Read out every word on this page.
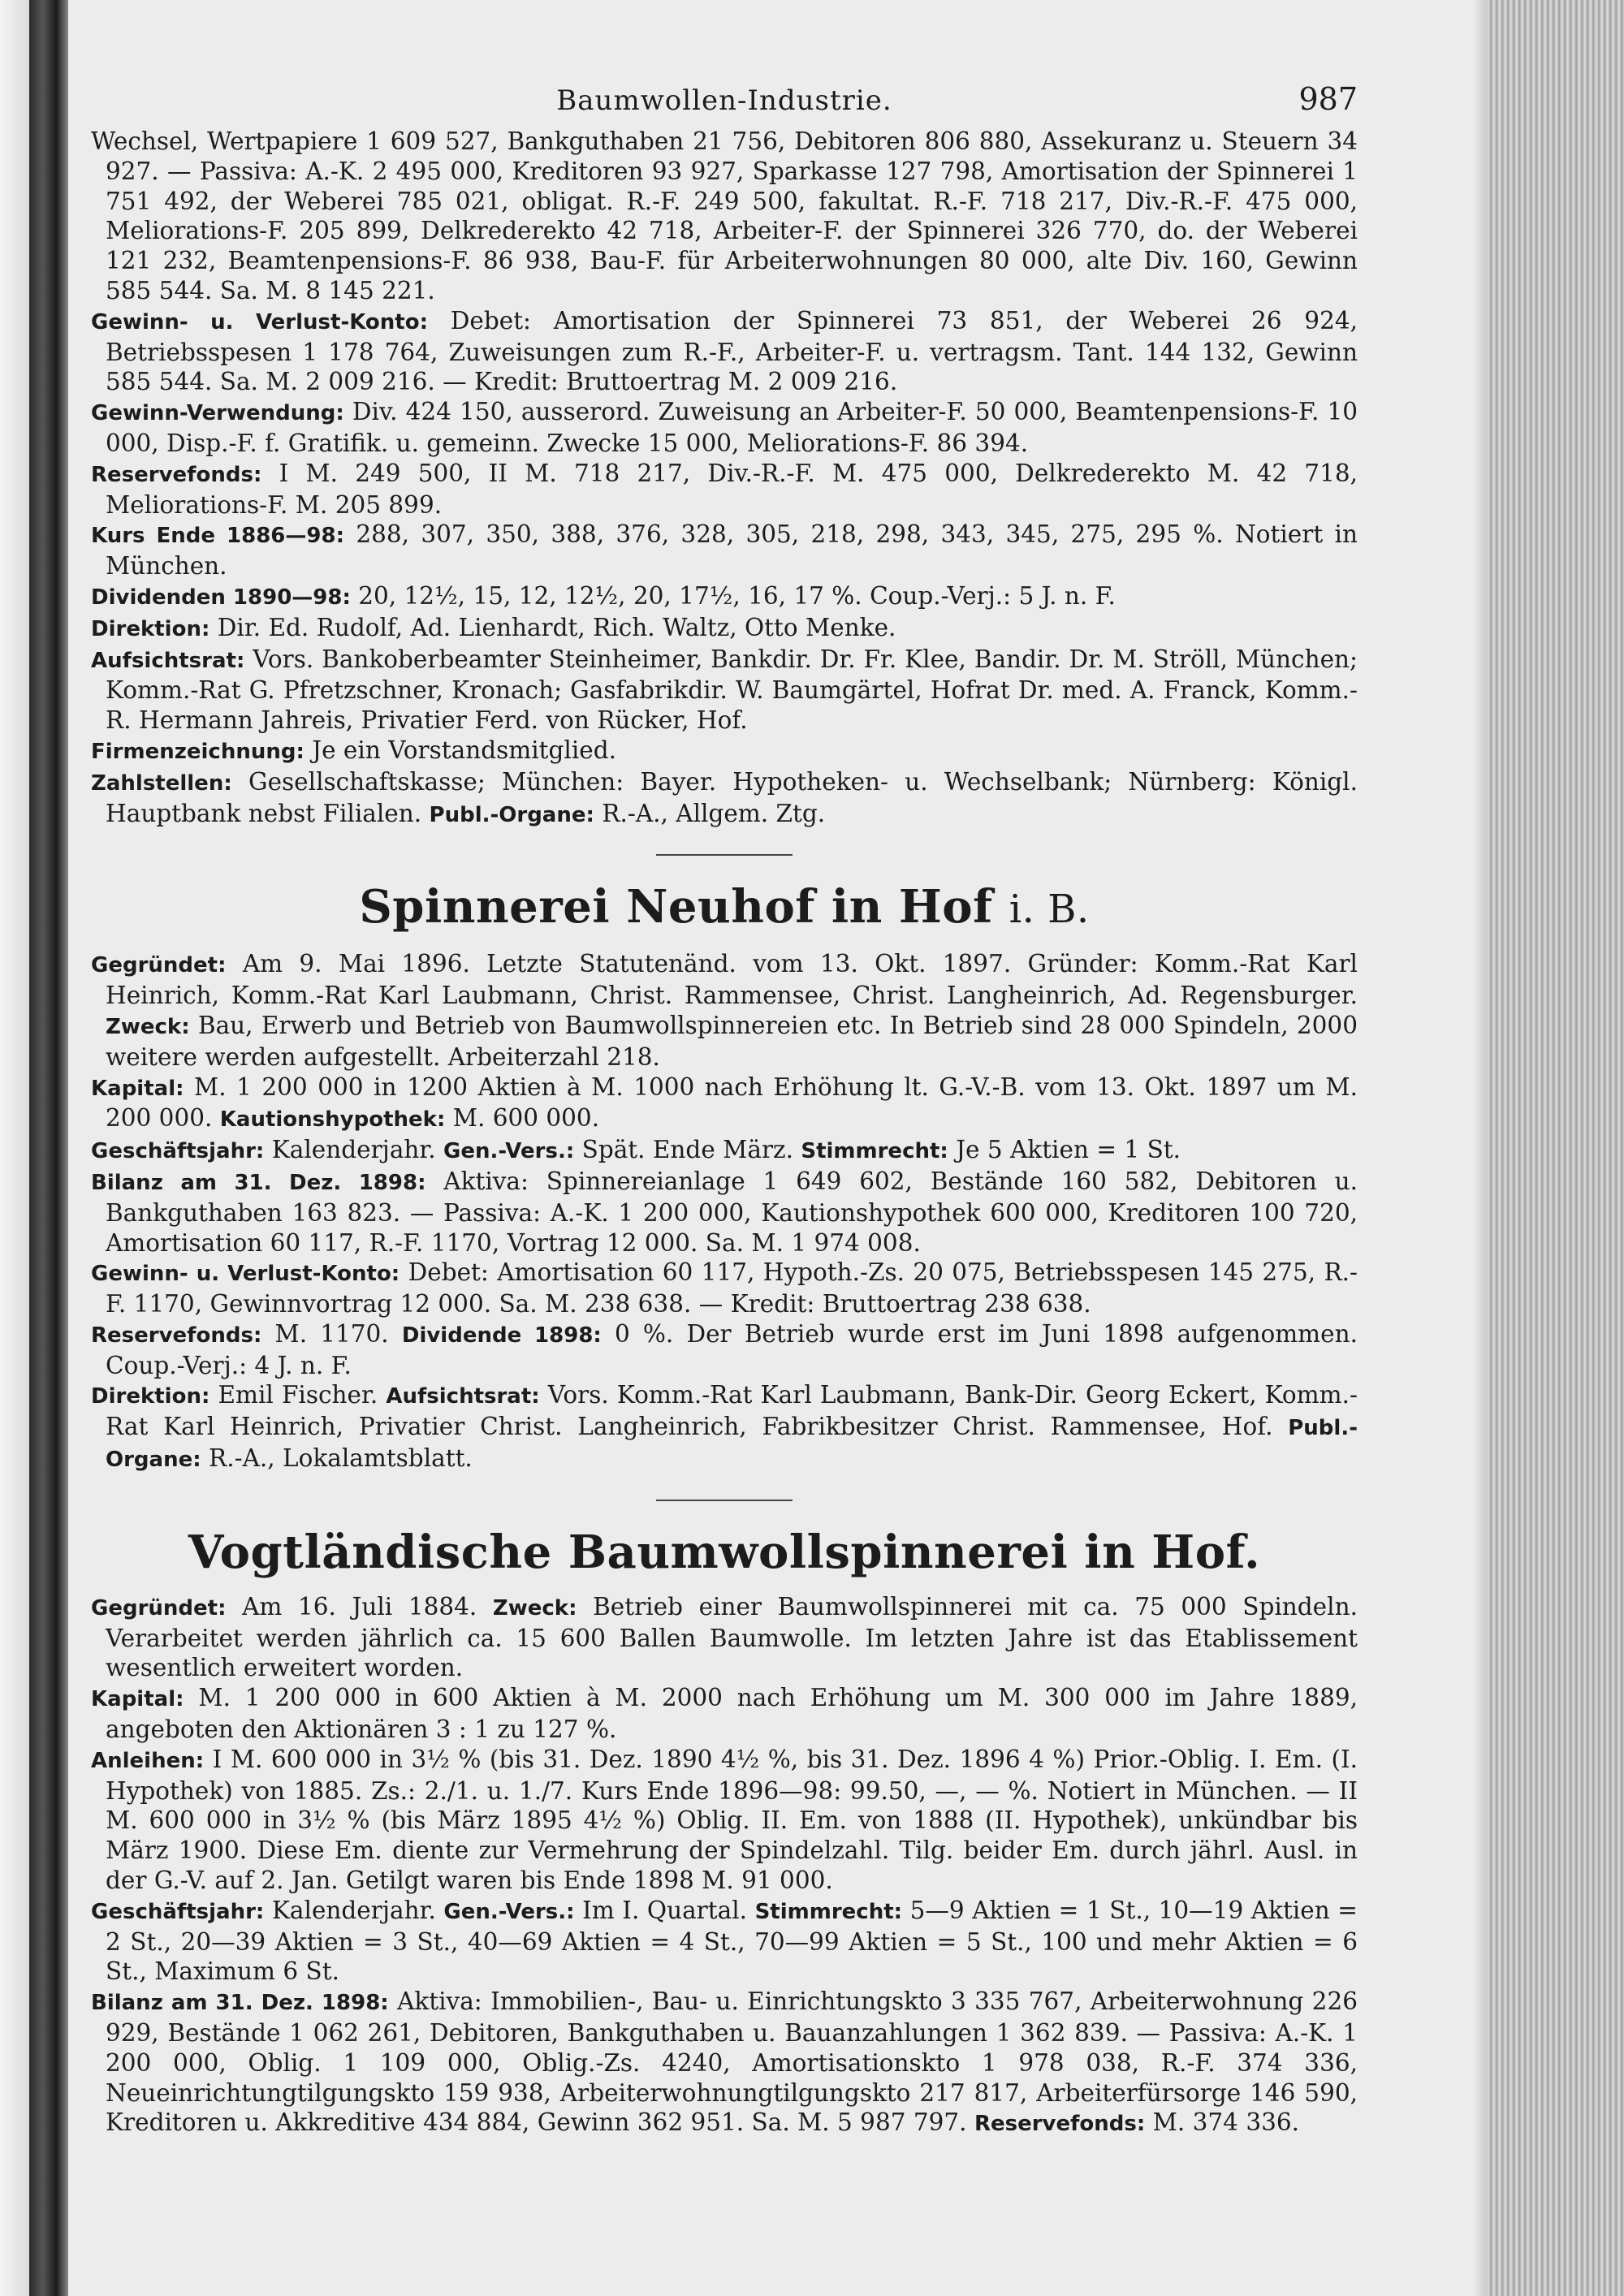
Baumwollen-Industrie.	987

Wechsel, Wertpapiere 1 609 527, Bankguthaben 21 756, Debitoren 806 880, Assekuranz u. Steuern 34 927. — Passiva: A.-K. 2 495 000, Kreditoren 93 927, Sparkasse 127 798, Amortisation der Spinnerei 1 751 492, der Weberei 785 021, obligat. R.-F. 249 500, fakultat. R.-F. 718 217, Div.-R.-F. 475 000, Meliorations-F. 205 899, Delkrederekto 42 718, Arbeiter-F. der Spinnerei 326 770, do. der Weberei 121 232, Beamtenpensions-F. 86 938, Bau-F. für Arbeiterwohnungen 80 000, alte Div. 160, Gewinn 585 544. Sa. M. 8 145 221.

Gewinn- u. Verlust-Konto: Debet: Amortisation der Spinnerei 73 851, der Weberei 26 924, Betriebsspesen 1 178 764, Zuweisungen zum R.-F., Arbeiter-F. u. vertragsm. Tant. 144 132, Gewinn 585 544. Sa. M. 2 009 216. — Kredit: Bruttoertrag M. 2 009 216.

Gewinn-Verwendung: Div. 424 150, ausserord. Zuweisung an Arbeiter-F. 50 000, Beamtenpensions-F. 10 000, Disp.-F. f. Gratifik. u. gemeinn. Zwecke 15 000, Meliorations-F. 86 394.

Reservefonds: I M. 249 500, II M. 718 217, Div.-R.-F. M. 475 000, Delkrederekto M. 42 718, Meliorations-F. M. 205 899.

Kurs Ende 1886—98: 288, 307, 350, 388, 376, 328, 305, 218, 298, 343, 345, 275, 295 %. Notiert in München.

Dividenden 1890—98: 20, 12½, 15, 12, 12½, 20, 17½, 16, 17 %. Coup.-Verj.: 5 J. n. F.

Direktion: Dir. Ed. Rudolf, Ad. Lienhardt, Rich. Waltz, Otto Menke.

Aufsichtsrat: Vors. Bankoberbeamter Steinheimer, Bankdir. Dr. Fr. Klee, Bandir. Dr. M. Ströll, München; Komm.-Rat G. Pfretzschner, Kronach; Gasfabrikdir. W. Baumgärtel, Hofrat Dr. med. A. Franck, Komm.-R. Hermann Jahreis, Privatier Ferd. von Rücker, Hof.

Firmenzeichnung: Je ein Vorstandsmitglied.

Zahlstellen: Gesellschaftskasse; München: Bayer. Hypotheken- u. Wechselbank; Nürnberg: Königl. Hauptbank nebst Filialen. Publ.-Organe: R.-A., Allgem. Ztg.

Spinnerei Neuhof in Hof i. B.

Gegründet: Am 9. Mai 1896. Letzte Statutenänd. vom 13. Okt. 1897. Gründer: Komm.-Rat Karl Heinrich, Komm.-Rat Karl Laubmann, Christ. Rammensee, Christ. Langheinrich, Ad. Regensburger. Zweck: Bau, Erwerb und Betrieb von Baumwollspinnereien etc. In Betrieb sind 28 000 Spindeln, 2000 weitere werden aufgestellt. Arbeiterzahl 218.

Kapital: M. 1 200 000 in 1200 Aktien à M. 1000 nach Erhöhung lt. G.-V.-B. vom 13. Okt. 1897 um M. 200 000. Kautionshypothek: M. 600 000.

Geschäftsjahr: Kalenderjahr. Gen.-Vers.: Spät. Ende März. Stimmrecht: Je 5 Aktien = 1 St.

Bilanz am 31. Dez. 1898: Aktiva: Spinnereianlage 1 649 602, Bestände 160 582, Debitoren u. Bankguthaben 163 823. — Passiva: A.-K. 1 200 000, Kautionshypothek 600 000, Kreditoren 100 720, Amortisation 60 117, R.-F. 1170, Vortrag 12 000. Sa. M. 1 974 008.

Gewinn- u. Verlust-Konto: Debet: Amortisation 60 117, Hypoth.-Zs. 20 075, Betriebsspesen 145 275, R.-F. 1170, Gewinnvortrag 12 000. Sa. M. 238 638. — Kredit: Bruttoertrag 238 638.

Reservefonds: M. 1170. Dividende 1898: 0 %. Der Betrieb wurde erst im Juni 1898 aufgenommen. Coup.-Verj.: 4 J. n. F.

Direktion: Emil Fischer. Aufsichtsrat: Vors. Komm.-Rat Karl Laubmann, Bank-Dir. Georg Eckert, Komm.-Rat Karl Heinrich, Privatier Christ. Langheinrich, Fabrikbesitzer Christ. Rammensee, Hof. Publ.-Organe: R.-A., Lokalamtsblatt.

Vogtländische Baumwollspinnerei in Hof.

Gegründet: Am 16. Juli 1884. Zweck: Betrieb einer Baumwollspinnerei mit ca. 75 000 Spindeln. Verarbeitet werden jährlich ca. 15 600 Ballen Baumwolle. Im letzten Jahre ist das Etablissement wesentlich erweitert worden.

Kapital: M. 1 200 000 in 600 Aktien à M. 2000 nach Erhöhung um M. 300 000 im Jahre 1889, angeboten den Aktionären 3 : 1 zu 127 %.

Anleihen: I M. 600 000 in 3½ % (bis 31. Dez. 1890 4½ %, bis 31. Dez. 1896 4 %) Prior.-Oblig. I. Em. (I. Hypothek) von 1885. Zs.: 2./1. u. 1./7. Kurs Ende 1896—98: 99.50, —, — %. Notiert in München. — II M. 600 000 in 3½ % (bis März 1895 4½ %) Oblig. II. Em. von 1888 (II. Hypothek), unkündbar bis März 1900. Diese Em. diente zur Vermehrung der Spindelzahl. Tilg. beider Em. durch jährl. Ausl. in der G.-V. auf 2. Jan. Getilgt waren bis Ende 1898 M. 91 000.

Geschäftsjahr: Kalenderjahr. Gen.-Vers.: Im I. Quartal. Stimmrecht: 5—9 Aktien = 1 St., 10—19 Aktien = 2 St., 20—39 Aktien = 3 St., 40—69 Aktien = 4 St., 70—99 Aktien = 5 St., 100 und mehr Aktien = 6 St., Maximum 6 St.

Bilanz am 31. Dez. 1898: Aktiva: Immobilien-, Bau- u. Einrichtungskto 3 335 767, Arbeiterwohnung 226 929, Bestände 1 062 261, Debitoren, Bankguthaben u. Bauanzahlungen 1 362 839. — Passiva: A.-K. 1 200 000, Oblig. 1 109 000, Oblig.-Zs. 4240, Amortisationskto 1 978 038, R.-F. 374 336, Neueinrichtungtilgungskto 159 938, Arbeiterwohnungtilgungskto 217 817, Arbeiterfürsorge 146 590, Kreditoren u. Akkreditive 434 884, Gewinn 362 951. Sa. M. 5 987 797. Reservefonds: M. 374 336.
